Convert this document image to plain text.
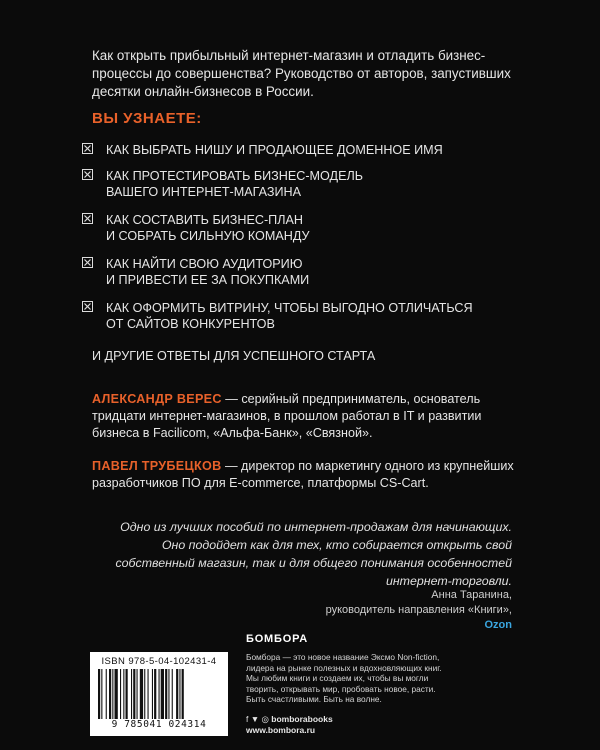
Как открыть прибыльный интернет-магазин и отладить бизнес-процессы до совершенства? Руководство от авторов, запустивших десятки онлайн-бизнесов в России.
ВЫ УЗНАЕТЕ:
КАК ВЫБРАТЬ НИШУ И ПРОДАЮЩЕЕ ДОМЕННОЕ ИМЯ
КАК ПРОТЕСТИРОВАТЬ БИЗНЕС-МОДЕЛЬ
ВАШЕГО ИНТЕРНЕТ-МАГАЗИНА
КАК СОСТАВИТЬ БИЗНЕС-ПЛАН
И СОБРАТЬ СИЛЬНУЮ КОМАНДУ
КАК НАЙТИ СВОЮ АУДИТОРИЮ
И ПРИВЕСТИ ЕЕ ЗА ПОКУПКАМИ
КАК ОФОРМИТЬ ВИТРИНУ, ЧТОБЫ ВЫГОДНО ОТЛИЧАТЬСЯ
ОТ САЙТОВ КОНКУРЕНТОВ
И ДРУГИЕ ОТВЕТЫ ДЛЯ УСПЕШНОГО СТАРТА
АЛЕКСАНДР ВЕРЕС — серийный предприниматель, основатель тридцати интернет-магазинов, в прошлом работал в IT и развитии бизнеса в Facilicom, «Альфа-Банк», «Связной».
ПАВЕЛ ТРУБЕЦКОВ — директор по маркетингу одного из крупнейших разработчиков ПО для E-commerce, платформы CS-Cart.
Одно из лучших пособий по интернет-продажам для начинающих. Оно подойдет как для тех, кто собирается открыть свой собственный магазин, так и для общего понимания особенностей интернет-торговли.
Анна Таранина,
руководитель направления «Книги»,
Ozon
ISBN 978-5-04-102431-4
9 785041 024314
БОМБОРА
Бомбора — это новое название Эксмо Non-fiction, лидера на рынке полезных и вдохновляющих книг. Мы любим книги и создаем их, чтобы вы могли творить, открывать мир, пробовать новое, расти. Быть счастливыми. Быть на волне.
f ▼ ◎ bomborabooks
www.bombora.ru
